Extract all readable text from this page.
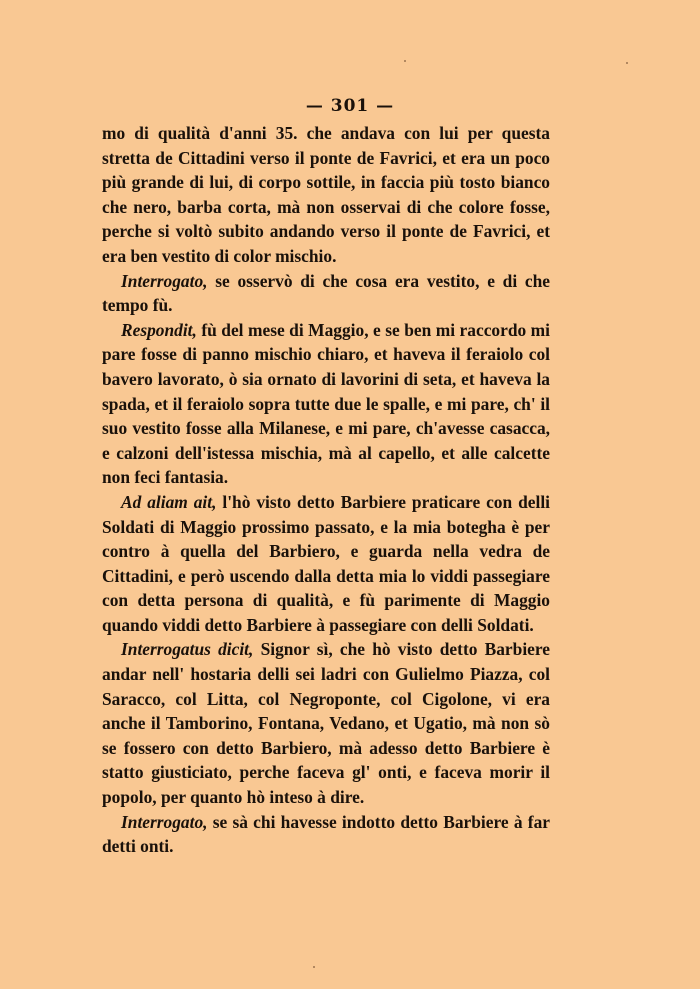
— 301 —

mo di qualità d'anni 35. che andava con lui per questa stretta de Cittadini verso il ponte de Favrici, et era un poco più grande di lui, di corpo sottile, in faccia più tosto bianco che nero, barba corta, mà non osservai di che colore fosse, perche si voltò subito andando verso il ponte de Favrici, et era ben vestito di color mischio.

Interrogato, se osservò di che cosa era vestito, e di che tempo fù.

Respondit, fù del mese di Maggio, e se ben mi raccordo mi pare fosse di panno mischio chiaro, et haveva il feraiolo col bavero lavorato, ò sia ornato di lavorini di seta, et haveva la spada, et il feraiolo sopra tutte due le spalle, e mi pare, ch' il suo vestito fosse alla Milanese, e mi pare, ch'avesse casacca, e calzoni dell'istessa mischia, mà al capello, et alle calcette non feci fantasia.

Ad aliam ait, l'hò visto detto Barbiere praticare con delli Soldati di Maggio prossimo passato, e la mia botegha è per contro à quella del Barbiero, e guarda nella vedra de Cittadini, e però uscendo dalla detta mia lo viddi passegiare con detta persona di qualità, e fù parimente di Maggio quando viddi detto Barbiere à passegiare con delli Soldati.

Interrogatus dicit, Signor sì, che hò visto detto Barbiere andar nell' hostaria delli sei ladri con Gulielmo Piazza, col Saracco, col Litta, col Negroponte, col Cigolone, vi era anche il Tamborino, Fontana, Vedano, et Ugatio, mà non sò se fossero con detto Barbiero, mà adesso detto Barbiere è statto giusticiato, perche faceva gl' onti, e faceva morir il popolo, per quanto hò inteso à dire.

Interrogato, se sà chi havesse indotto detto Barbiere à far detti onti.
